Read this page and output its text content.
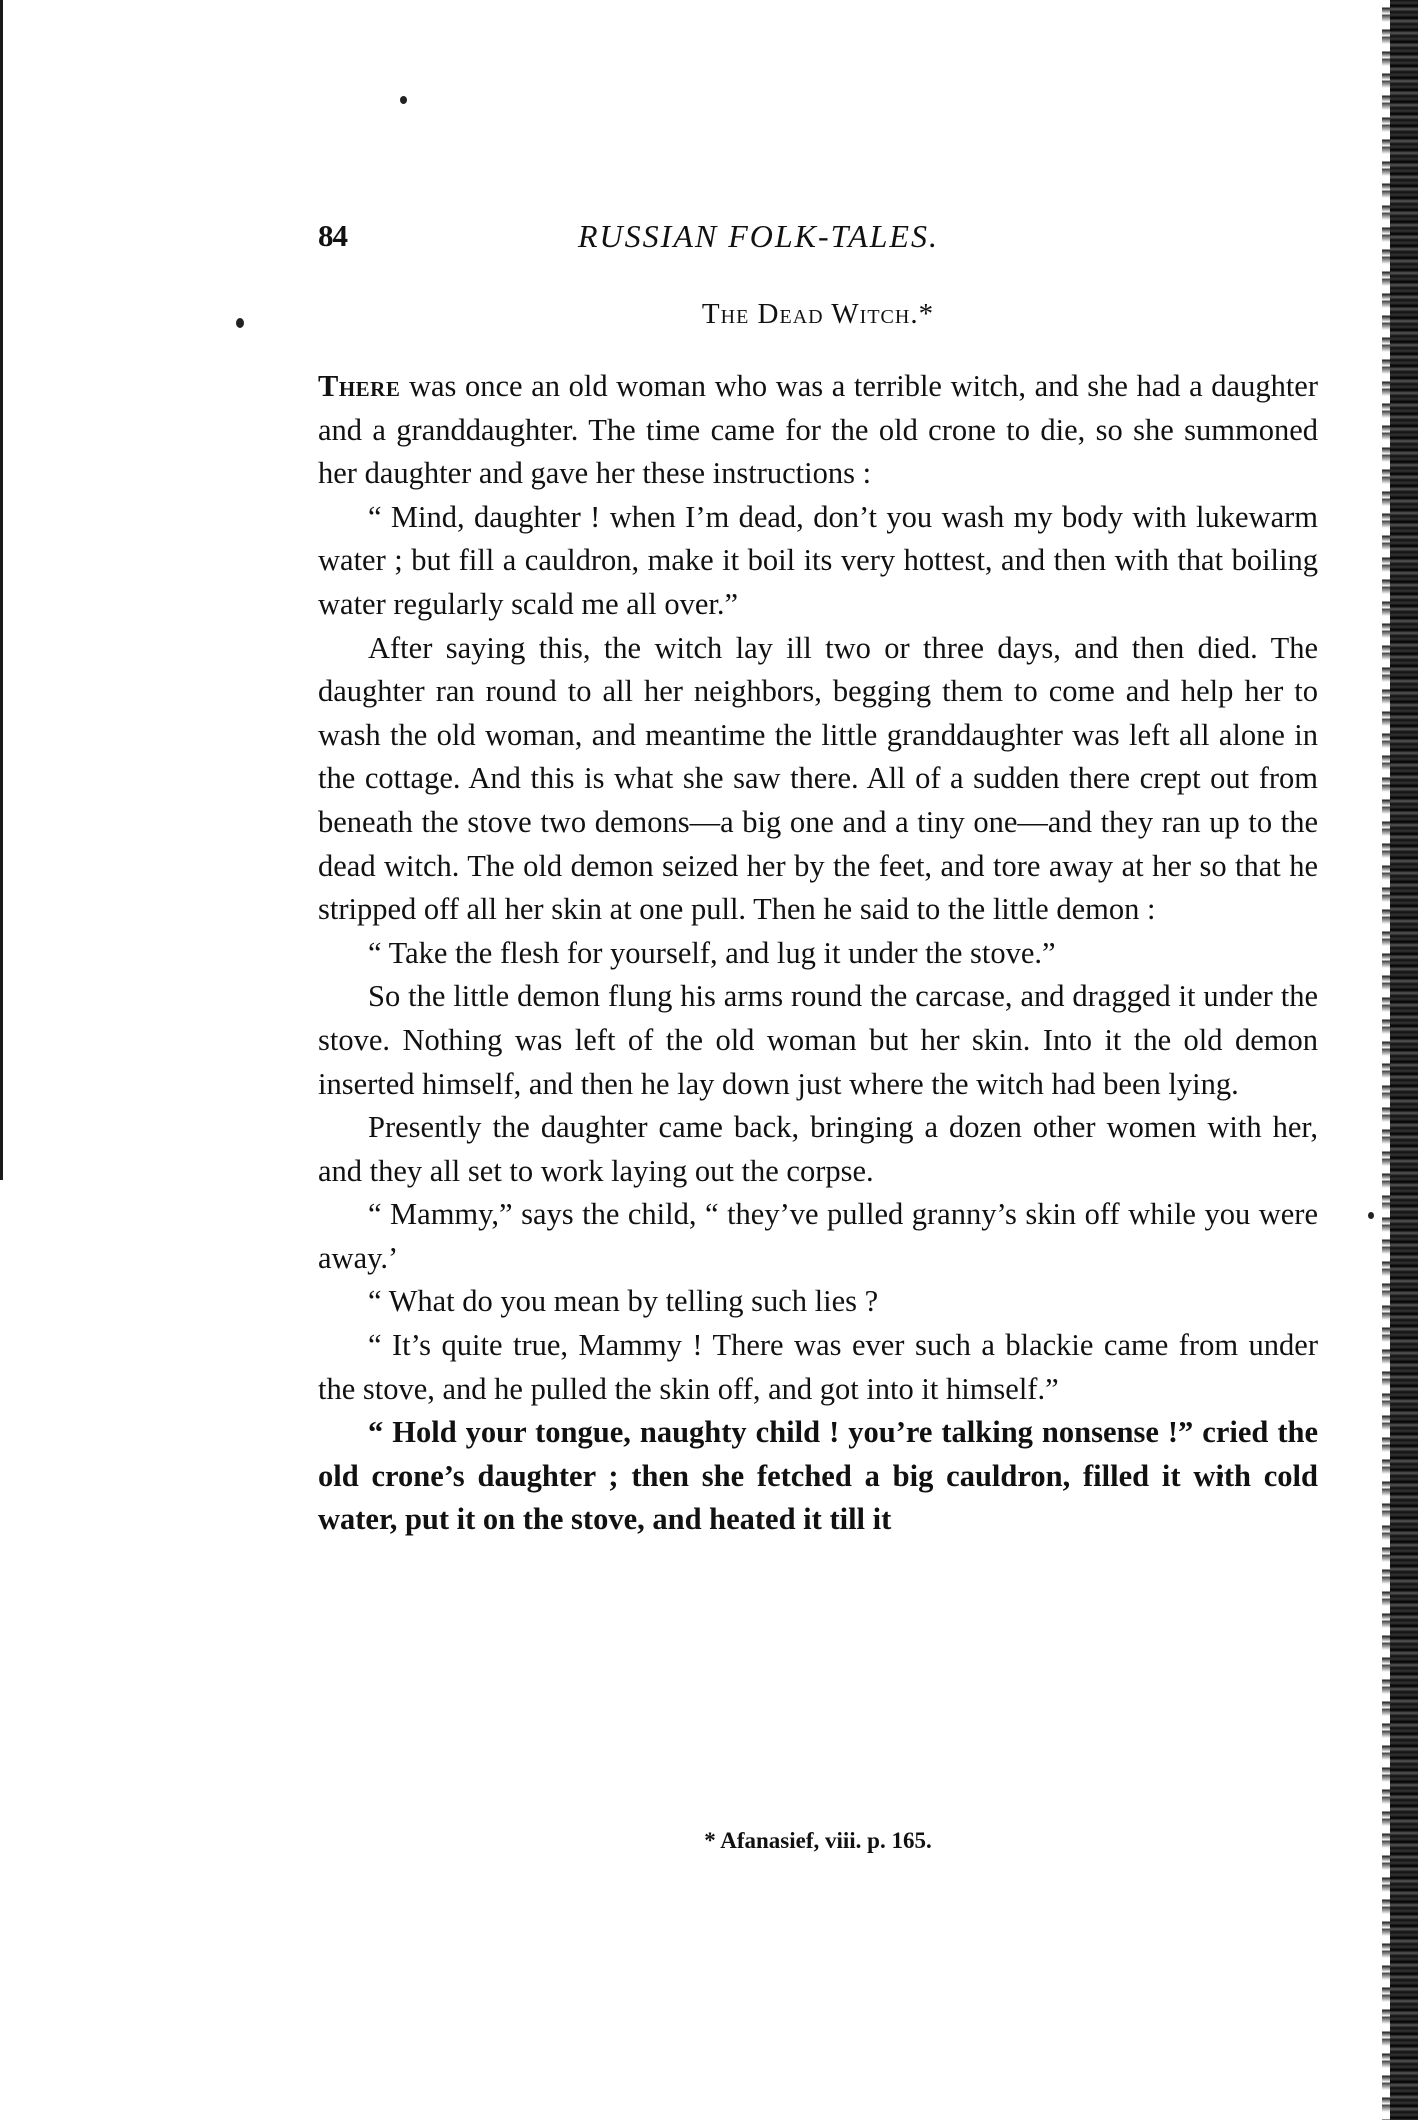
84	RUSSIAN FOLK-TALES.
The Dead Witch.*

There was once an old woman who was a terrible witch, and she had a daughter and a granddaughter. The time came for the old crone to die, so she summoned her daughter and gave her these instructions :

“ Mind, daughter ! when I’m dead, don’t you wash my body with lukewarm water ; but fill a cauldron, make it boil its very hottest, and then with that boiling water regularly scald me all over.”

After saying this, the witch lay ill two or three days, and then died. The daughter ran round to all her neighbors, begging them to come and help her to wash the old woman, and meantime the little granddaughter was left all alone in the cottage. And this is what she saw there. All of a sudden there crept out from beneath the stove two demons—a big one and a tiny one—and they ran up to the dead witch. The old demon seized her by the feet, and tore away at her so that he stripped off all her skin at one pull. Then he said to the little demon :

“ Take the flesh for yourself, and lug it under the stove.”

So the little demon flung his arms round the carcase, and dragged it under the stove. Nothing was left of the old woman but her skin. Into it the old demon inserted himself, and then he lay down just where the witch had been lying.

Presently the daughter came back, bringing a dozen other women with her, and they all set to work laying out the corpse.

“ Mammy,” says the child, “ they’ve pulled granny’s skin off while you were away.’

“ What do you mean by telling such lies ?

“ It’s quite true, Mammy ! There was ever such a blackie came from under the stove, and he pulled the skin off, and got into it himself.”

“ Hold your tongue, naughty child ! you’re talking nonsense !” cried the old crone’s daughter ; then she fetched a big cauldron, filled it with cold water, put it on the stove, and heated it till it

* Afanasief, viii. p. 165.
